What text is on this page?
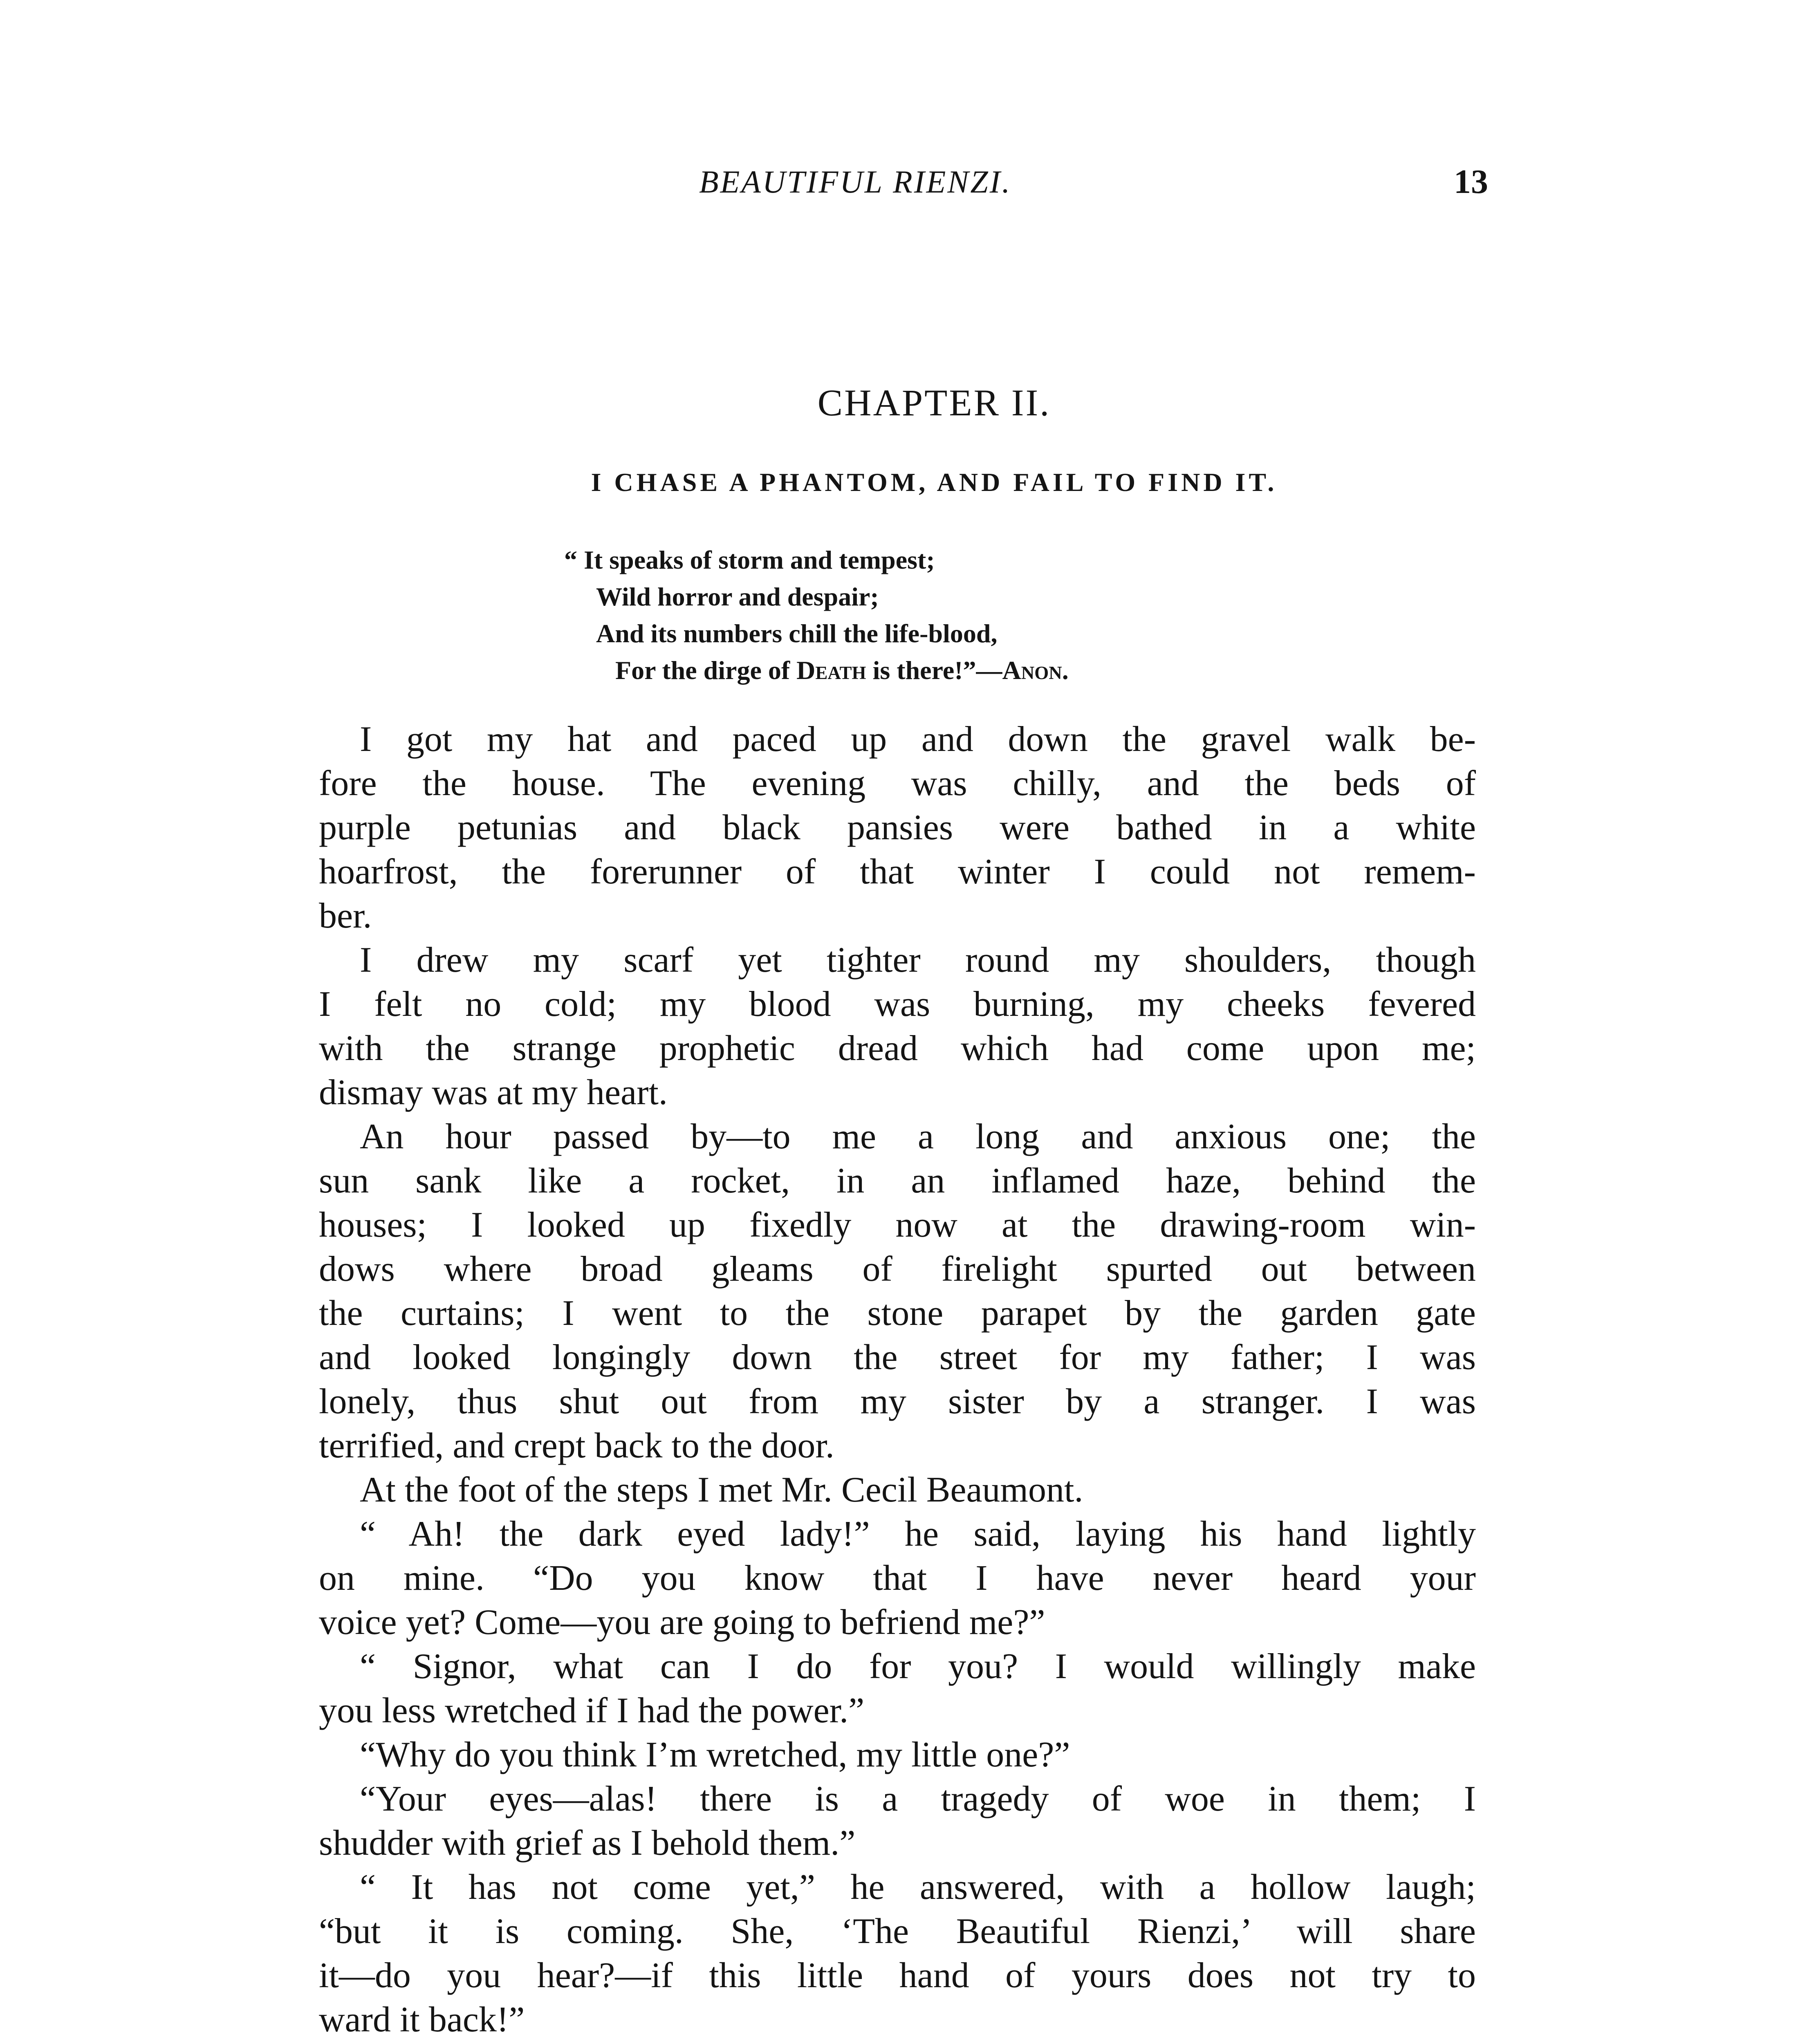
BEAUTIFUL RIENZI.	13
CHAPTER II.
I CHASE A PHANTOM, AND FAIL TO FIND IT.
“ It speaks of storm and tempest;
Wild horror and despair;
And its numbers chill the life-blood,
For the dirge of Death is there!”—Anon.
I got my hat and paced up and down the gravel walk be-
fore the house. The evening was chilly, and the beds of
purple petunias and black pansies were bathed in a white
hoarfrost, the forerunner of that winter I could not remem-
ber.
I drew my scarf yet tighter round my shoulders, though
I felt no cold; my blood was burning, my cheeks fevered
with the strange prophetic dread which had come upon me;
dismay was at my heart.
An hour passed by—to me a long and anxious one; the
sun sank like a rocket, in an inflamed haze, behind the
houses; I looked up fixedly now at the drawing-room win-
dows where broad gleams of firelight spurted out between
the curtains; I went to the stone parapet by the garden gate
and looked longingly down the street for my father; I was
lonely, thus shut out from my sister by a stranger. I was
terrified, and crept back to the door.
At the foot of the steps I met Mr. Cecil Beaumont.
“ Ah! the dark eyed lady!” he said, laying his hand lightly
on mine. “Do you know that I have never heard your
voice yet? Come—you are going to befriend me?”
“ Signor, what can I do for you? I would willingly make
you less wretched if I had the power.”
“Why do you think I’m wretched, my little one?”
“Your eyes—alas! there is a tragedy of woe in them; I
shudder with grief as I behold them.”
“ It has not come yet,” he answered, with a hollow laugh;
“but it is coming. She, ‘The Beautiful Rienzi,’ will share
it—do you hear?—if this little hand of yours does not try to
ward it back!”
